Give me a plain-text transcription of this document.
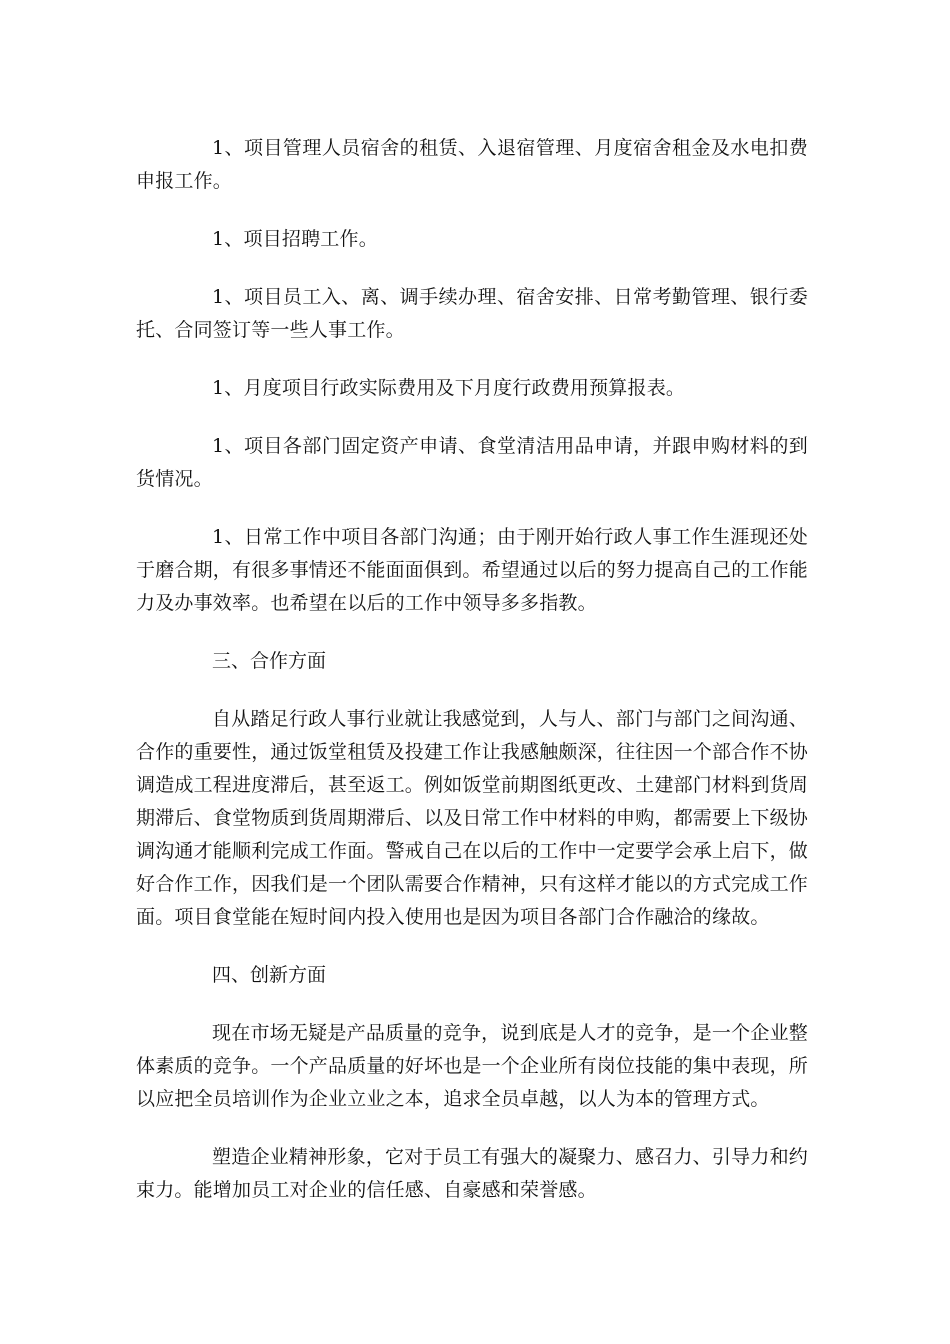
1、项目管理人员宿舍的租赁、入退宿管理、月度宿舍租金及水电扣费申报工作。

1、项目招聘工作。

1、项目员工入、离、调手续办理、宿舍安排、日常考勤管理、银行委托、合同签订等一些人事工作。

1、月度项目行政实际费用及下月度行政费用预算报表。

1、项目各部门固定资产申请、食堂清洁用品申请，并跟申购材料的到货情况。

1、日常工作中项目各部门沟通；由于刚开始行政人事工作生涯现还处于磨合期，有很多事情还不能面面俱到。希望通过以后的努力提高自己的工作能力及办事效率。也希望在以后的工作中领导多多指教。

三、合作方面

自从踏足行政人事行业就让我感觉到，人与人、部门与部门之间沟通、合作的重要性，通过饭堂租赁及投建工作让我感触颇深，往往因一个部合作不协调造成工程进度滞后，甚至返工。例如饭堂前期图纸更改、土建部门材料到货周期滞后、食堂物质到货周期滞后、以及日常工作中材料的申购，都需要上下级协调沟通才能顺利完成工作面。警戒自己在以后的工作中一定要学会承上启下，做好合作工作，因我们是一个团队需要合作精神，只有这样才能以的方式完成工作面。项目食堂能在短时间内投入使用也是因为项目各部门合作融洽的缘故。

四、创新方面

现在市场无疑是产品质量的竞争，说到底是人才的竞争，是一个企业整体素质的竞争。一个产品质量的好坏也是一个企业所有岗位技能的集中表现，所以应把全员培训作为企业立业之本，追求全员卓越，以人为本的管理方式。

塑造企业精神形象，它对于员工有强大的凝聚力、感召力、引导力和约束力。能增加员工对企业的信任感、自豪感和荣誉感。
